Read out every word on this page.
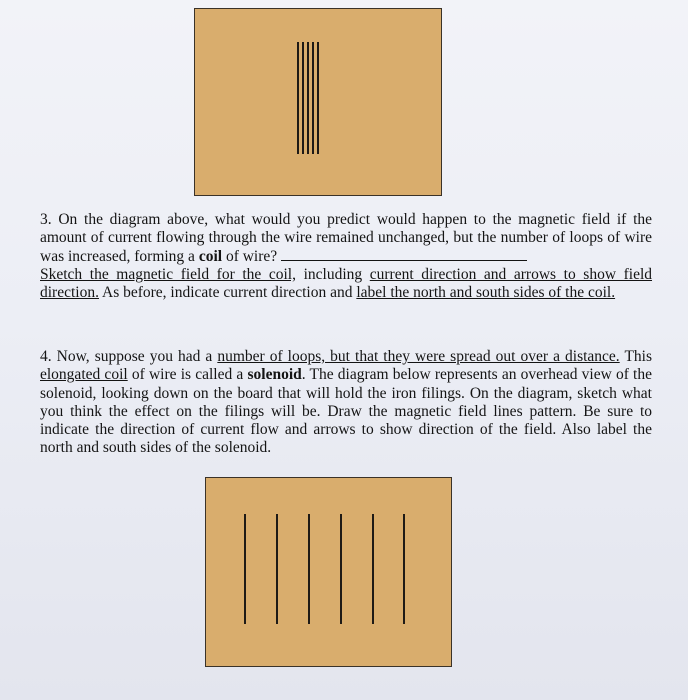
3. On the diagram above, what would you predict would happen to the magnetic field if the amount of current flowing through the wire remained unchanged, but the number of loops of wire was increased, forming a coil of wire?
Sketch the magnetic field for the coil, including current direction and arrows to show field direction. As before, indicate current direction and label the north and south sides of the coil.

4. Now, suppose you had a number of loops, but that they were spread out over a distance. This elongated coil of wire is called a solenoid. The diagram below represents an overhead view of the solenoid, looking down on the board that will hold the iron filings. On the diagram, sketch what you think the effect on the filings will be. Draw the magnetic field lines pattern. Be sure to indicate the direction of current flow and arrows to show direction of the field. Also label the north and south sides of the solenoid.
